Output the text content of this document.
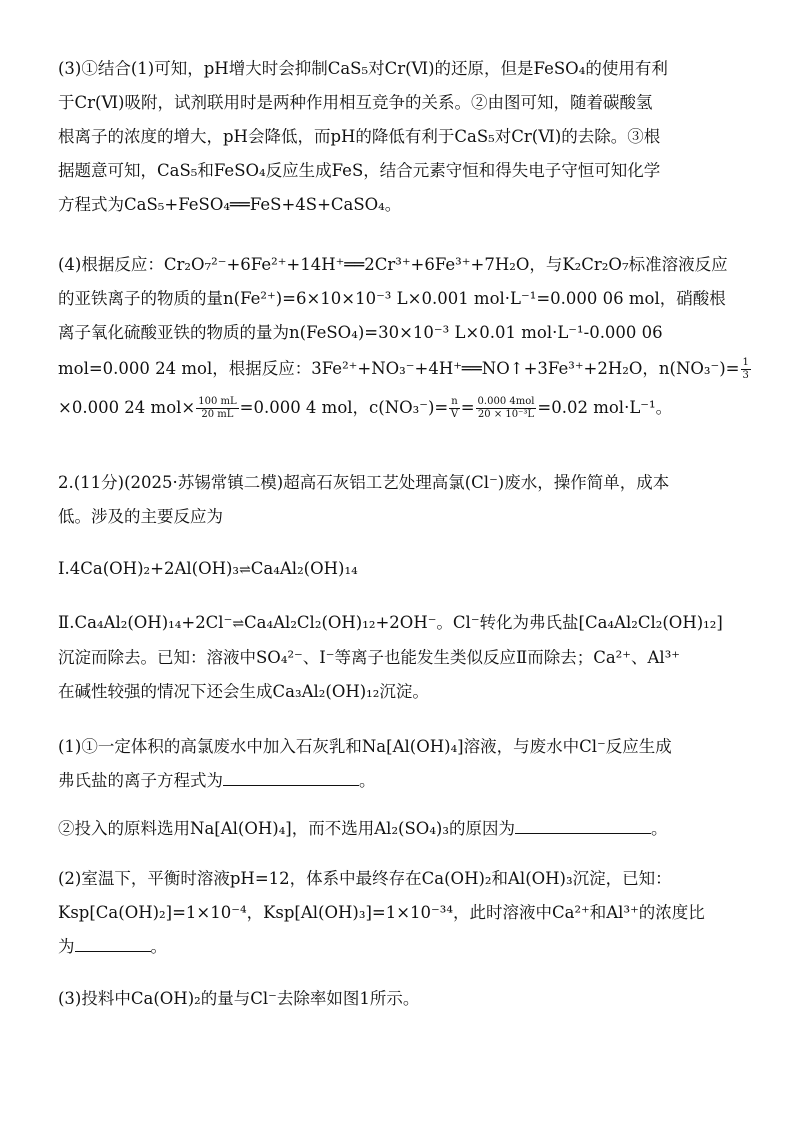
(3)①结合(1)可知，pH增大时会抑制CaS₅对Cr(Ⅵ)的还原，但是FeSO₄的使用有利

于Cr(Ⅵ)吸附，试剂联用时是两种作用相互竞争的关系。②由图可知，随着碳酸氢

根离子的浓度的增大，pH会降低，而pH的降低有利于CaS₅对Cr(Ⅵ)的去除。③根

据题意可知，CaS₅和FeSO₄反应生成FeS，结合元素守恒和得失电子守恒可知化学

方程式为CaS₅+FeSO₄══FeS+4S+CaSO₄。

(4)根据反应：Cr₂O₇²⁻+6Fe²⁺+14H⁺══2Cr³⁺+6Fe³⁺+7H₂O，与K₂Cr₂O₇标准溶液反应

的亚铁离子的物质的量n(Fe²⁺)=6×10×10⁻³ L×0.001 mol·L⁻¹=0.000 06 mol，硝酸根

离子氧化硫酸亚铁的物质的量为n(FeSO₄)=30×10⁻³ L×0.01 mol·L⁻¹-0.000 06

mol=0.000 24 mol，根据反应：3Fe²⁺+NO₃⁻+4H⁺══NO↑+3Fe³⁺+2H₂O，$n(NO_3^-)= \frac{1}{3}$

×0.000 24 $mol\times \frac{100 mL}{20 mL} =0.000$ 4 mol，$c(NO_3^-)= \frac{n}{V} = \frac{\text{0.000 4mol}}{\text{20 × 10⁻³L}} =0.02$ mol·L⁻¹。

2.(11分)(2025·苏锡常镇二模)超高石灰铝工艺处理高氯(Cl⁻)废水，操作简单，成本

低。涉及的主要反应为

Ⅰ.4Ca(OH)₂+2Al(OH)₃⇌Ca₄Al₂(OH)₁₄

Ⅱ.Ca₄Al₂(OH)₁₄+2Cl⁻⇌Ca₄Al₂Cl₂(OH)₁₂+2OH⁻。Cl⁻转化为弗氏盐[Ca₄Al₂Cl₂(OH)₁₂]

沉淀而除去。已知：溶液中SO₄²⁻、I⁻等离子也能发生类似反应Ⅱ而除去；Ca²⁺、Al³⁺

在碱性较强的情况下还会生成Ca₃Al₂(OH)₁₂沉淀。

(1)①一定体积的高氯废水中加入石灰乳和Na[Al(OH)₄]溶液，与废水中Cl⁻反应生成

弗氏盐的离子方程式为	。

②投入的原料选用Na[Al(OH)₄]，而不选用Al₂(SO₄)₃的原因为	。

(2)室温下，平衡时溶液pH=12，体系中最终存在Ca(OH)₂和Al(OH)₃沉淀，已知：

Ksp[Ca(OH)₂]=1×10⁻⁴，Ksp[Al(OH)₃]=1×10⁻³⁴，此时溶液中Ca²⁺和Al³⁺的浓度比

为	。

(3)投料中Ca(OH)₂的量与Cl⁻去除率如图1所示。
